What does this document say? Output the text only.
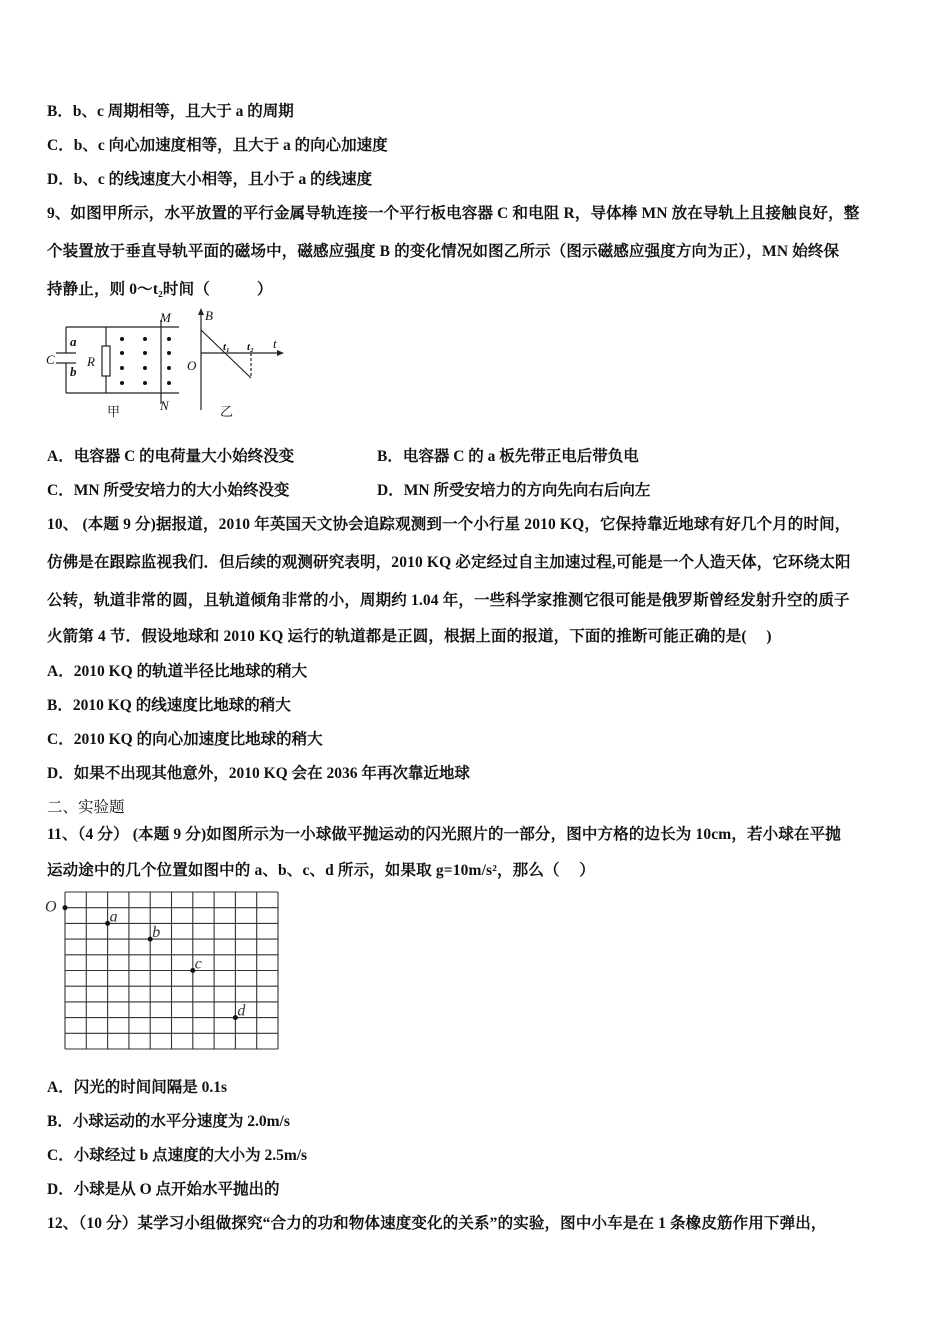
B．b、c 周期相等，且大于 a 的周期
C．b、c 向心加速度相等，且大于 a 的向心加速度
D．b、c 的线速度大小相等，且小于 a 的线速度
9、如图甲所示，水平放置的平行金属导轨连接一个平行板电容器 C 和电阻 R，导体棒 MN 放在导轨上且接触良好，整
个装置放于垂直导轨平面的磁场中，磁感应强度 B 的变化情况如图乙所示（图示磁感应强度方向为正），MN 始终保
持静止，则 0～t₂时间（　　　）
C
a
b
R
M
N
甲
B
O
t₁ t₂ t
乙
A．电容器 C 的电荷量大小始终没变	B．电容器 C 的 a 板先带正电后带负电
C．MN 所受安培力的大小始终没变	D．MN 所受安培力的方向先向右后向左
10、 (本题 9 分)据报道，2010 年英国天文协会追踪观测到一个小行星 2010 KQ，它保持靠近地球有好几个月的时间，
仿佛是在跟踪监视我们．但后续的观测研究表明，2010 KQ 必定经过自主加速过程,可能是一个人造天体，它环绕太阳
公转，轨道非常的圆，且轨道倾角非常的小，周期约 1.04 年，一些科学家推测它很可能是俄罗斯曾经发射升空的质子
火箭第 4 节．假设地球和 2010 KQ 运行的轨道都是正圆，根据上面的报道，下面的推断可能正确的是(　 )
A．2010 KQ 的轨道半径比地球的稍大
B．2010 KQ 的线速度比地球的稍大
C．2010 KQ 的向心加速度比地球的稍大
D．如果不出现其他意外，2010 KQ 会在 2036 年再次靠近地球
二、实验题
11、（4 分） (本题 9 分)如图所示为一小球做平抛运动的闪光照片的一部分，图中方格的边长为 10cm，若小球在平抛
运动途中的几个位置如图中的 a、b、c、d 所示，如果取 g=10m/s²，那么（　 ）
O
a
b
c
d
A．闪光的时间间隔是 0.1s
B．小球运动的水平分速度为 2.0m/s
C．小球经过 b 点速度的大小为 2.5m/s
D．小球是从 O 点开始水平抛出的
12、（10 分）某学习小组做探究“合力的功和物体速度变化的关系”的实验，图中小车是在 1 条橡皮筋作用下弹出，
